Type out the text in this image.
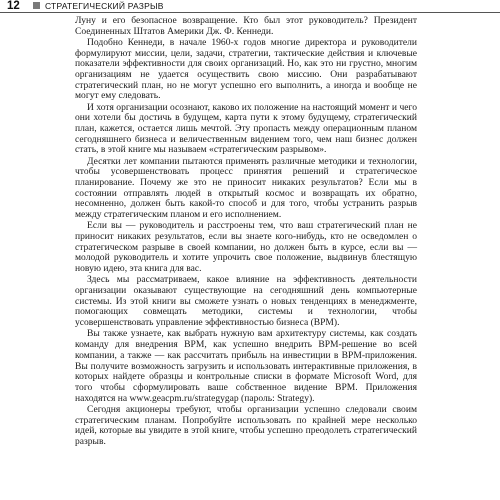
12	СТРАТЕГИЧЕСКИЙ РАЗРЫВ

Луну и его безопасное возвращение. Кто был этот руководитель? Президент Соединенных Штатов Америки Дж. Ф. Кеннеди.

Подобно Кеннеди, в начале 1960-х годов многие директора и руководители формулируют миссии, цели, задачи, стратегии, тактические действия и ключевые показатели эффективности для своих организаций. Но, как это ни грустно, многим организациям не удается осуществить свою миссию. Они разрабатывают стратегический план, но не могут успешно его выполнить, а иногда и вообще не могут ему следовать.

И хотя организации осознают, каково их положение на настоящий момент и чего они хотели бы достичь в будущем, карта пути к этому будущему, стратегический план, кажется, остается лишь мечтой. Эту пропасть между операционным планом сегодняшнего бизнеса и величественным видением того, чем наш бизнес должен стать, в этой книге мы называем «стратегическим разрывом».

Десятки лет компании пытаются применять различные методики и технологии, чтобы усовершенствовать процесс принятия решений и стратегическое планирование. Почему же это не приносит никаких результатов? Если мы в состоянии отправлять людей в открытый космос и возвращать их обратно, несомненно, должен быть какой-то способ и для того, чтобы устранить разрыв между стратегическим планом и его исполнением.

Если вы — руководитель и расстроены тем, что ваш стратегический план не приносит никаких результатов, если вы знаете кого-нибудь, кто не осведомлен о стратегическом разрыве в своей компании, но должен быть в курсе, если вы — молодой руководитель и хотите упрочить свое положение, выдвинув блестящую новую идею, эта книга для вас.

Здесь мы рассматриваем, какое влияние на эффективность деятельности организации оказывают существующие на сегодняшний день компьютерные системы. Из этой книги вы сможете узнать о новых тенденциях в менеджменте, помогающих совмещать методики, системы и технологии, чтобы усовершенствовать управление эффективностью бизнеса (BPM).

Вы также узнаете, как выбрать нужную вам архитектуру системы, как создать команду для внедрения BPM, как успешно внедрить BPM-решение во всей компании, а также — как рассчитать прибыль на инвестиции в BPM-приложения. Вы получите возможность загрузить и использовать интерактивные приложения, в которых найдете образцы и контрольные списки в формате Microsoft Word, для того чтобы сформулировать ваше собственное видение BPM. Приложения находятся на www.geacpm.ru/strategygap (пароль: Strategy).

Сегодня акционеры требуют, чтобы организации успешно следовали своим стратегическим планам. Попробуйте использовать по крайней мере несколько идей, которые вы увидите в этой книге, чтобы успешно преодолеть стратегический разрыв.
